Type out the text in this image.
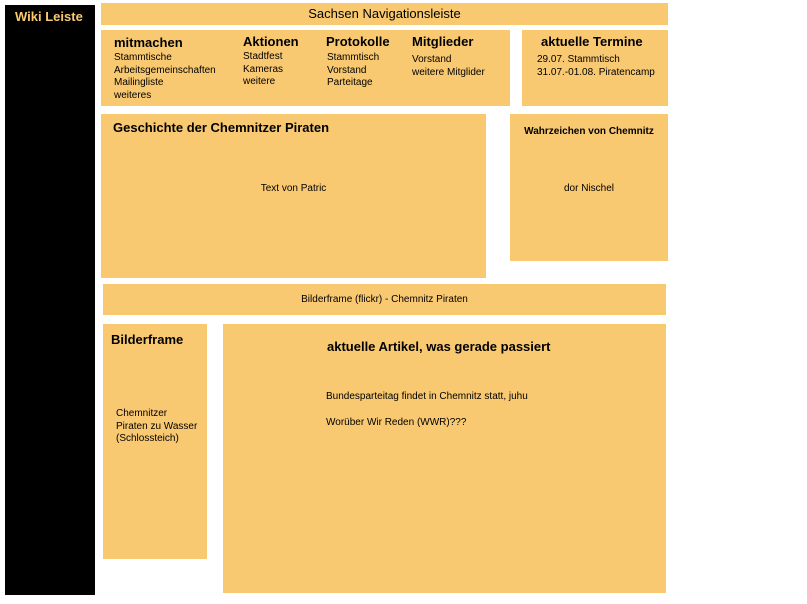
Wiki Leiste	Sachsen Navigationsleiste
mitmachen
Stammtische
Arbeitsgemeinschaften
Mailingliste
weiteres
Aktionen
Stadtfest
Kameras
weitere
Protokolle
Stammtisch
Vorstand
Parteitage
Mitglieder
Vorstand
weitere Mitglider
aktuelle Termine
29.07. Stammtisch
31.07.-01.08. Piratencamp
Geschichte der Chemnitzer Piraten
Text von Patric
Wahrzeichen von Chemnitz
dor Nischel
Bilderframe (flickr) - Chemnitz Piraten
Bilderframe
Chemnitzer
Piraten zu Wasser
(Schlossteich)
aktuelle Artikel, was gerade passiert
Bundesparteitag findet in Chemnitz statt, juhu
Worüber Wir Reden (WWR)???
